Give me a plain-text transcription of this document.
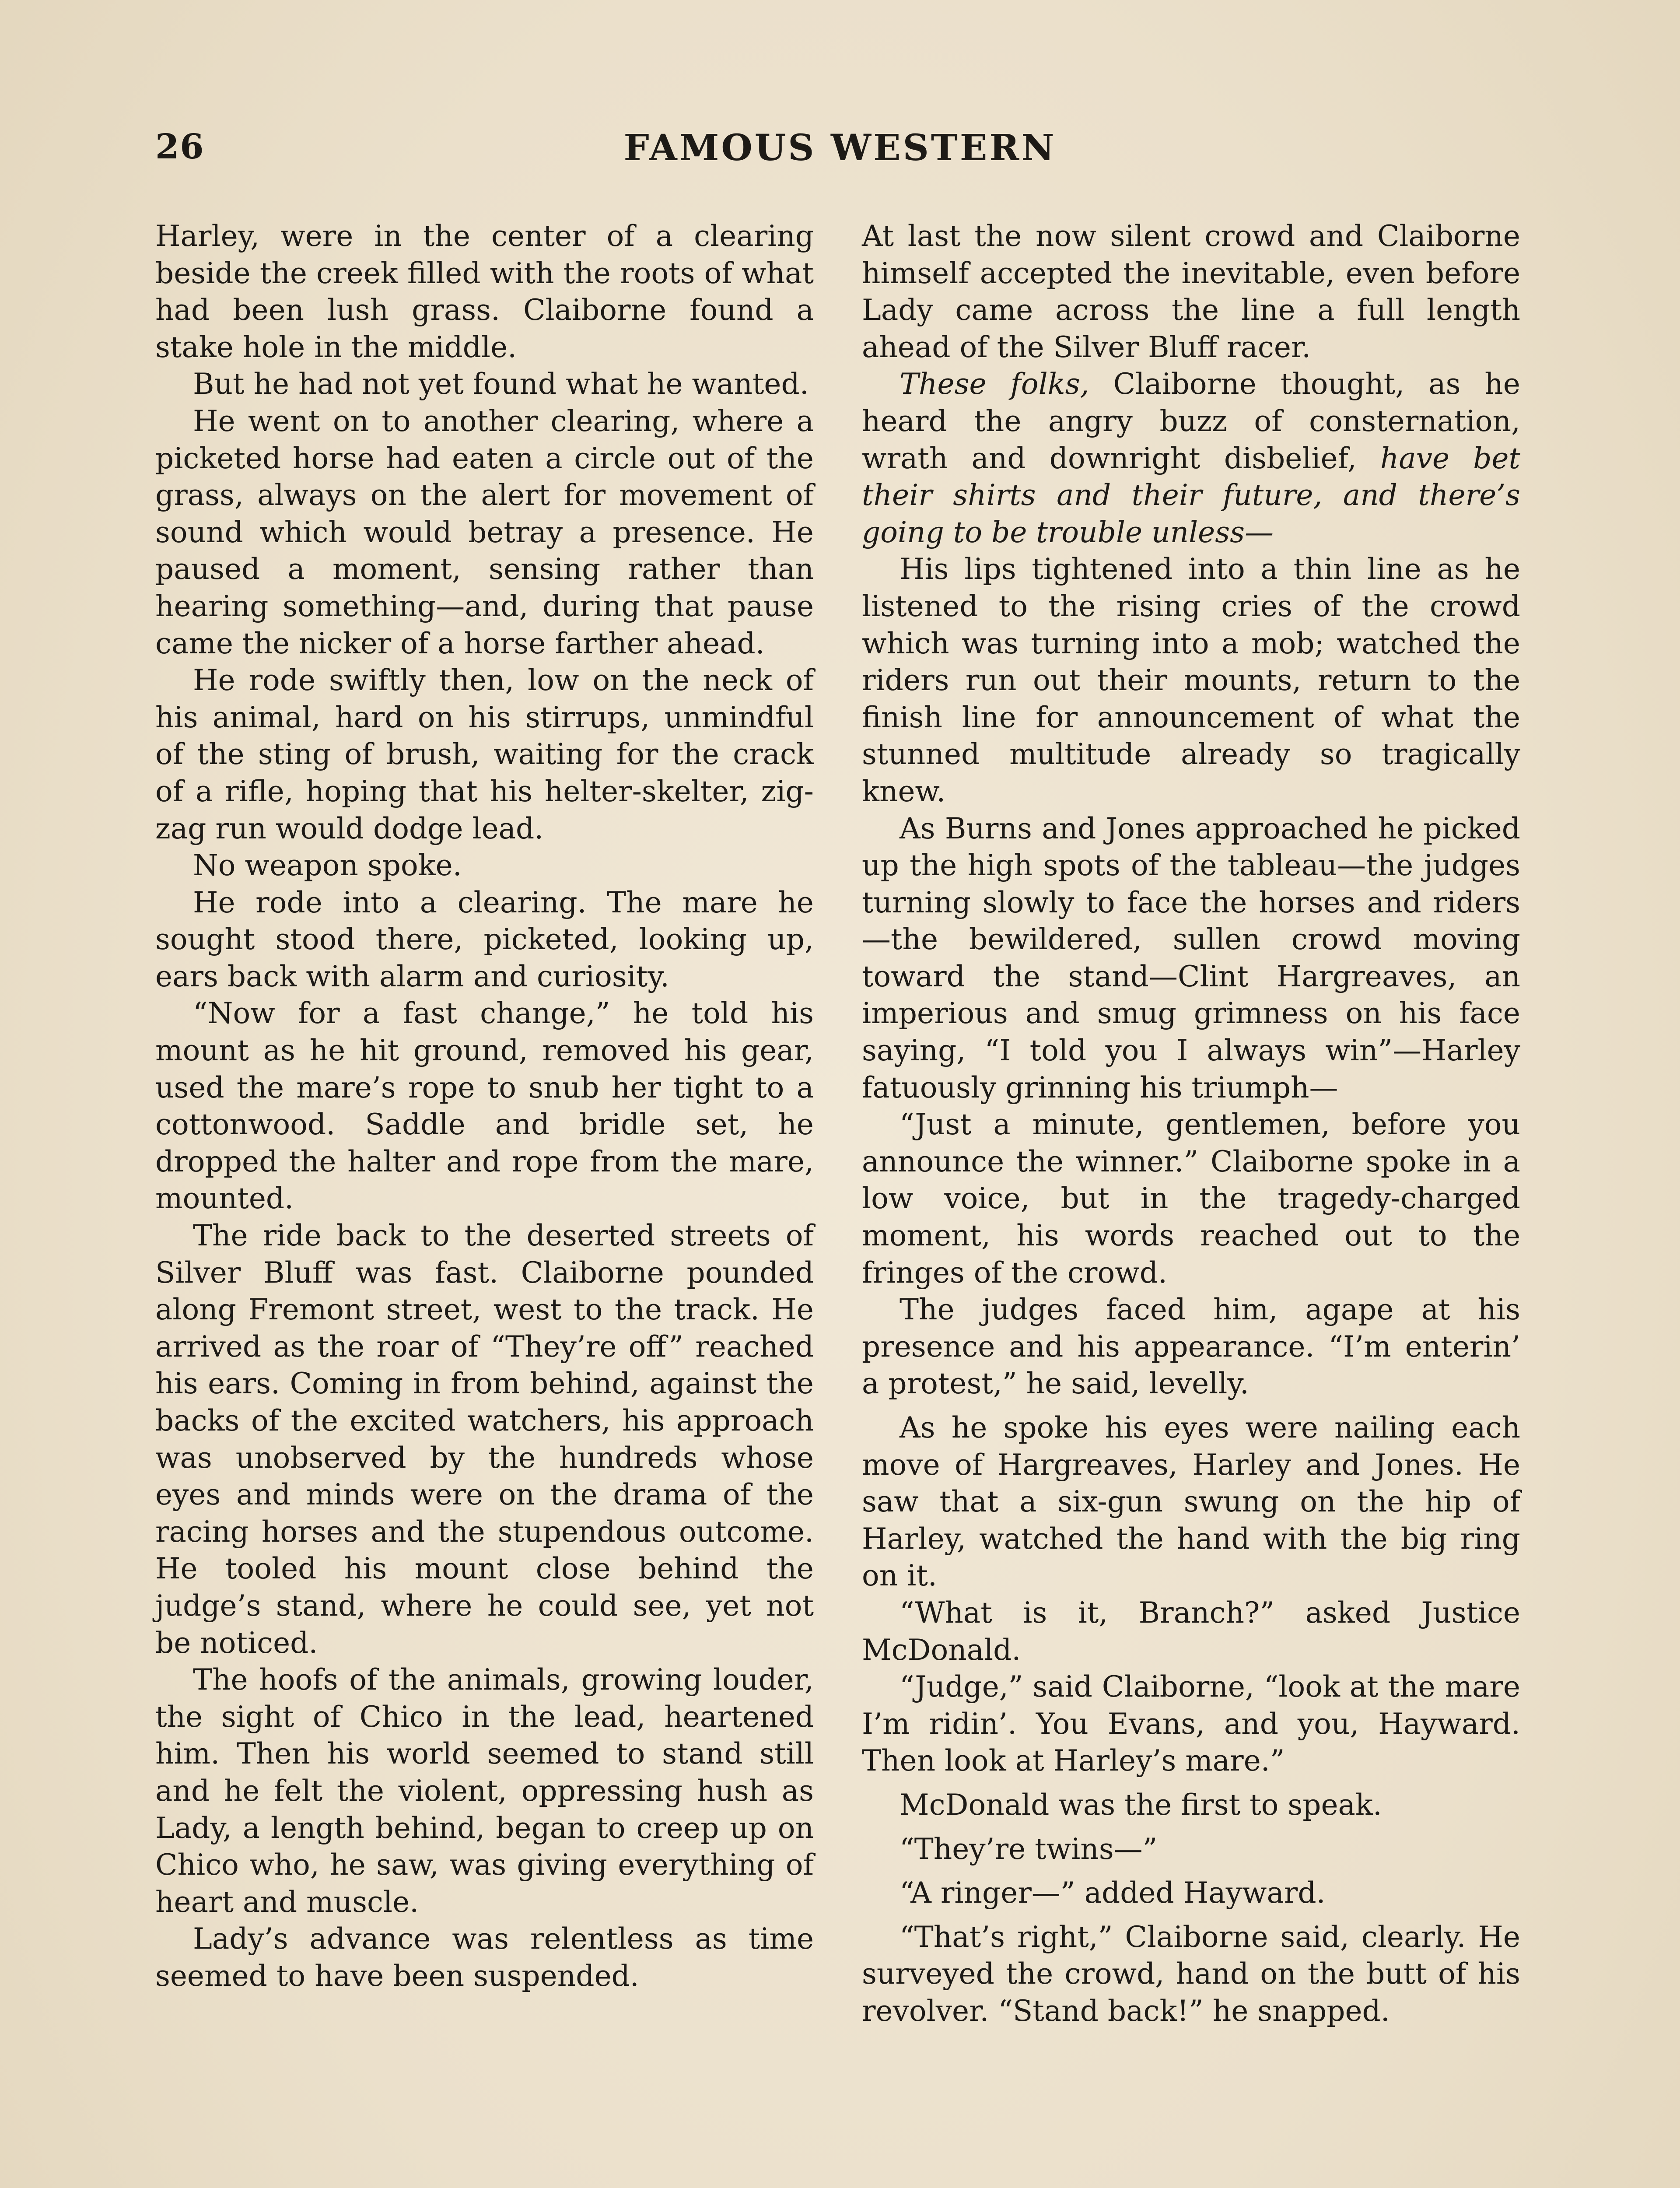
26	FAMOUS WESTERN

Harley, were in the center of a clearing beside the creek filled with the roots of what had been lush grass. Claiborne found a stake hole in the middle.

But he had not yet found what he wanted.

He went on to another clearing, where a picketed horse had eaten a circle out of the grass, always on the alert for movement of sound which would betray a presence. He paused a moment, sensing rather than hearing something—and, during that pause came the nicker of a horse farther ahead.

He rode swiftly then, low on the neck of his animal, hard on his stirrups, unmindful of the sting of brush, waiting for the crack of a rifle, hoping that his helter-skelter, zig-zag run would dodge lead.

No weapon spoke.

He rode into a clearing. The mare he sought stood there, picketed, looking up, ears back with alarm and curiosity.

“Now for a fast change,” he told his mount as he hit ground, removed his gear, used the mare’s rope to snub her tight to a cottonwood. Saddle and bridle set, he dropped the halter and rope from the mare, mounted.

The ride back to the deserted streets of Silver Bluff was fast. Claiborne pounded along Fremont street, west to the track. He arrived as the roar of “They’re off” reached his ears. Coming in from behind, against the backs of the excited watchers, his approach was unobserved by the hundreds whose eyes and minds were on the drama of the racing horses and the stupendous outcome. He tooled his mount close behind the judge’s stand, where he could see, yet not be noticed.

The hoofs of the animals, growing louder, the sight of Chico in the lead, heartened him. Then his world seemed to stand still and he felt the violent, oppressing hush as Lady, a length behind, began to creep up on Chico who, he saw, was giving everything of heart and muscle.

Lady’s advance was relentless as time seemed to have been suspended.

At last the now silent crowd and Claiborne himself accepted the inevitable, even before Lady came across the line a full length ahead of the Silver Bluff racer.

These folks, Claiborne thought, as he heard the angry buzz of consternation, wrath and downright disbelief, have bet their shirts and their future, and there’s going to be trouble unless—

His lips tightened into a thin line as he listened to the rising cries of the crowd which was turning into a mob; watched the riders run out their mounts, return to the finish line for announcement of what the stunned multitude already so tragically knew.

As Burns and Jones approached he picked up the high spots of the tableau—the judges turning slowly to face the horses and riders—the bewildered, sullen crowd moving toward the stand—Clint Hargreaves, an imperious and smug grimness on his face saying, “I told you I always win”—Harley fatuously grinning his triumph—

“Just a minute, gentlemen, before you announce the winner.” Claiborne spoke in a low voice, but in the tragedy-charged moment, his words reached out to the fringes of the crowd.

The judges faced him, agape at his presence and his appearance. “I’m enterin’ a protest,” he said, levelly.

As he spoke his eyes were nailing each move of Hargreaves, Harley and Jones. He saw that a six-gun swung on the hip of Harley, watched the hand with the big ring on it.

“What is it, Branch?” asked Justice McDonald.

“Judge,” said Claiborne, “look at the mare I’m ridin’. You Evans, and you, Hayward. Then look at Harley’s mare.”

McDonald was the first to speak.

“They’re twins—”

“A ringer—” added Hayward.

“That’s right,” Claiborne said, clearly. He surveyed the crowd, hand on the butt of his revolver. “Stand back!” he snapped.
